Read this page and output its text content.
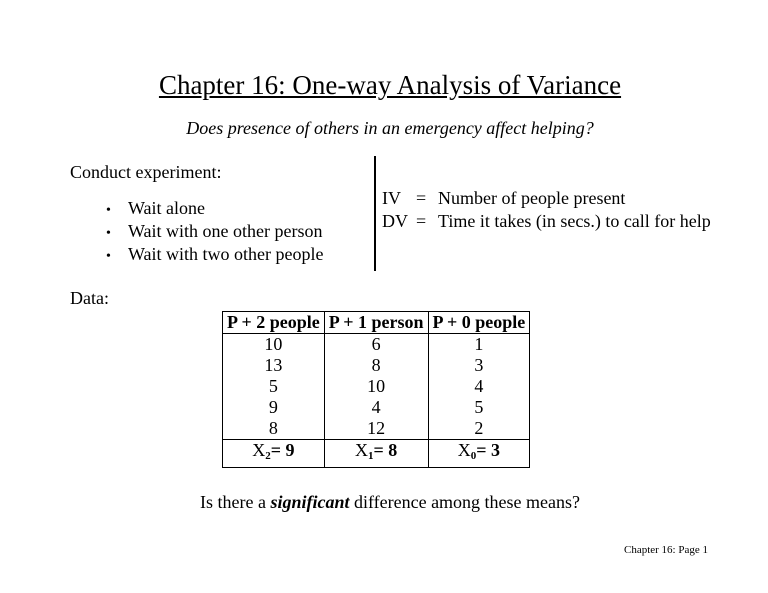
Chapter 16: One-way Analysis of Variance
Does presence of others in an emergency affect helping?
Conduct experiment:
• Wait alone
• Wait with one other person
• Wait with two other people
IV = Number of people present
DV = Time it takes (in secs.) to call for help
Data:
P + 2 people	P + 1 person	P + 0 people
10	6	1
13	8	3
5	10	4
9	4	5
8	12	2
$\overline{X}_2= 9$	$\overline{X}_1= 8$	$\overline{X}_0= 3$
Is there a significant difference among these means?
Chapter 16: Page 1
